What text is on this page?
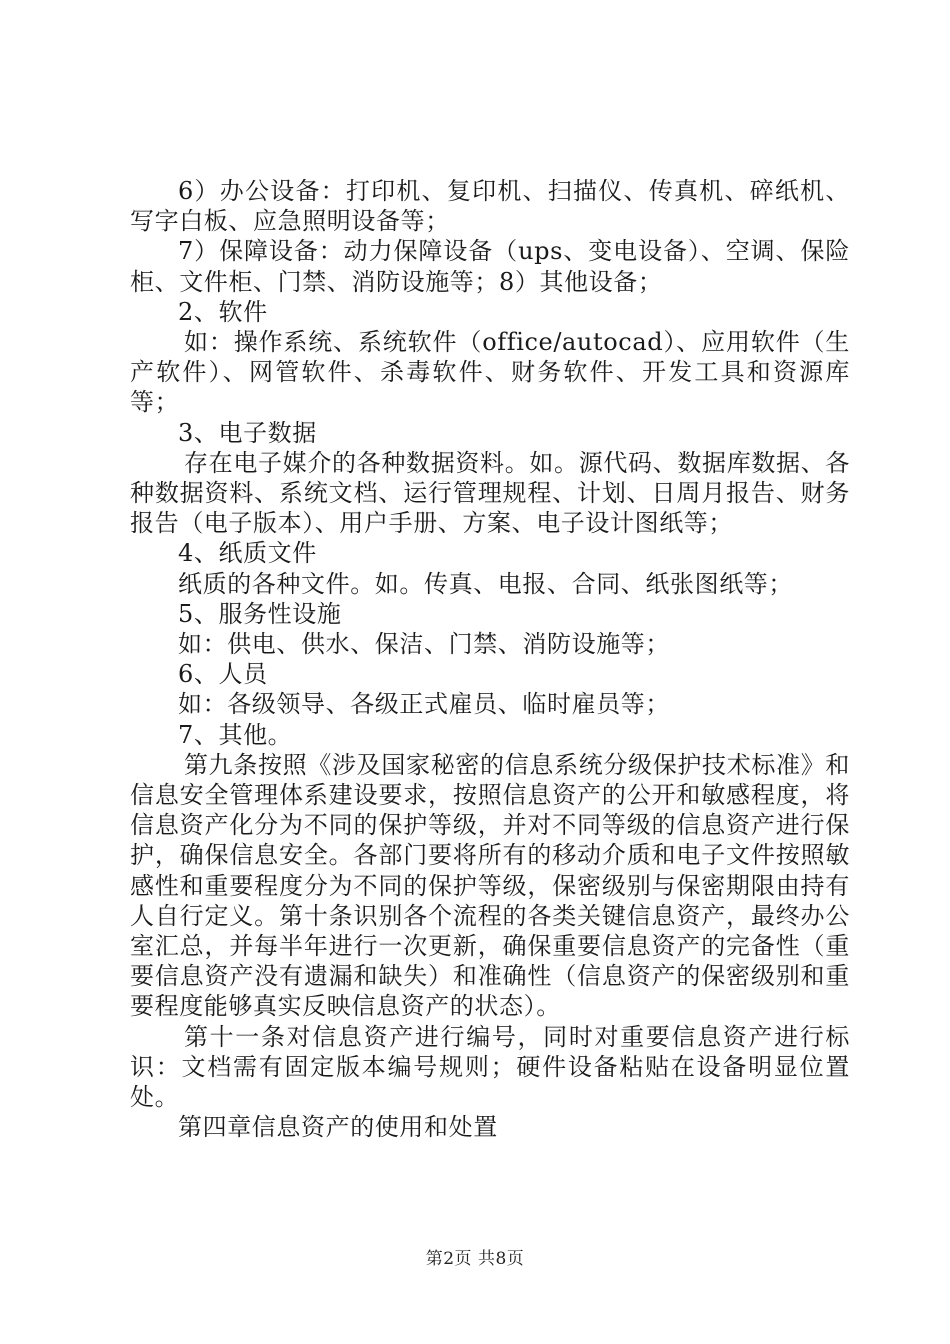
6）办公设备：打印机、复印机、扫描仪、传真机、碎纸机、写字白板、应急照明设备等；

7）保障设备：动力保障设备（ups、变电设备）、空调、保险柜、文件柜、门禁、消防设施等；8）其他设备；

2、软件

如：操作系统、系统软件（office/autocad）、应用软件（生产软件）、网管软件、杀毒软件、财务软件、开发工具和资源库等；

3、电子数据

存在电子媒介的各种数据资料。如。源代码、数据库数据、各种数据资料、系统文档、运行管理规程、计划、日周月报告、财务报告（电子版本）、用户手册、方案、电子设计图纸等；

4、纸质文件

纸质的各种文件。如。传真、电报、合同、纸张图纸等；

5、服务性设施

如：供电、供水、保洁、门禁、消防设施等；

6、人员

如：各级领导、各级正式雇员、临时雇员等；

7、其他。

第九条按照《涉及国家秘密的信息系统分级保护技术标准》和信息安全管理体系建设要求，按照信息资产的公开和敏感程度，将信息资产化分为不同的保护等级，并对不同等级的信息资产进行保护，确保信息安全。各部门要将所有的移动介质和电子文件按照敏感性和重要程度分为不同的保护等级，保密级别与保密期限由持有人自行定义。第十条识别各个流程的各类关键信息资产，最终办公室汇总，并每半年进行一次更新，确保重要信息资产的完备性（重要信息资产没有遗漏和缺失）和准确性（信息资产的保密级别和重要程度能够真实反映信息资产的状态）。

第十一条对信息资产进行编号，同时对重要信息资产进行标识：文档需有固定版本编号规则；硬件设备粘贴在设备明显位置处。

第四章信息资产的使用和处置

第2页 共8页
